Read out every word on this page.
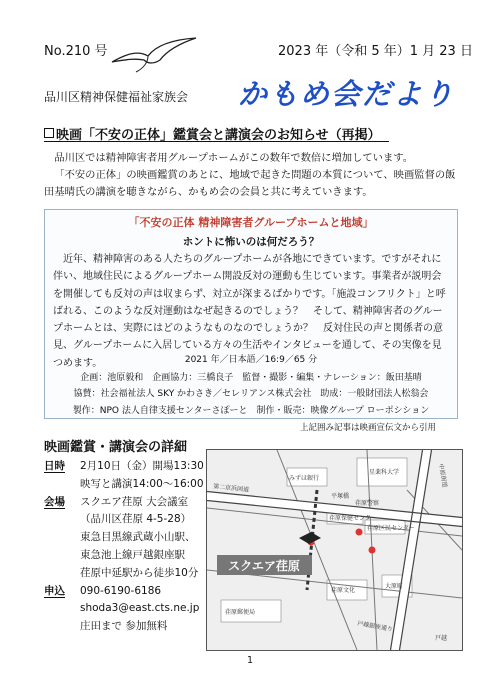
No.210 号	2023 年（令和 5 年）1 月 23 日
品川区精神保健福祉家族会 かもめ会だより
映画「不安の正体」鑑賞会と講演会のお知らせ（再掲）

品川区では精神障害者用グループホームがこの数年で数倍に増加しています。

「不安の正体」の映画鑑賞のあとに、地域で起きた問題の本質について、映画監督の飯田基晴氏の講演を聴きながら、かもめ会の会員と共に考えていきます。

「不安の正体 精神障害者グループホームと地域」
ホントに怖いのは何だろう？

近年、精神障害のある人たちのグループホームが各地にできています。ですがそれに伴い、地域住民によるグループホーム開設反対の運動も生じています。事業者が説明会を開催しても反対の声は収まらず、対立が深まるばかりです。「施設コンフリクト」と呼ばれる、このような反対運動はなぜ起きるのでしょう？　そして、精神障害者のグループホームとは、実際にはどのようなものなのでしょうか？　反対住民の声と関係者の意見、グループホームに入居している方々の生活やインタビューを通して、その実像を見つめます。	2021 年／日本語／16:9／65 分
企画：池原毅和　企画協力：三橋良子　監督・撮影・編集・ナレーション：飯田基晴
協賛：社会福祉法人 SKY かわさき／セレリアンス株式会社　助成：一般財団法人松翁会
製作：NPO 法人自律支援センターさぽーと　制作・販売：映像グループ ローポシション
上記囲み記事は映画宣伝文から引用
映画鑑賞・講演会の詳細
日時	2月10日（金）開場13:30
映写と講演14:00～16:00
会場	スクエア荏原 大会議室
（品川区荏原 4-5-28）
東急目黒線武蔵小山駅、
東急池上線戸越銀座駅
荏原中延駅から徒歩10分
申込	090-6190-6186
shoda3@east.cts.ne.jp
庄田まで 参加無料
スクエア荏原
星薬科大学
みずほ銀行
平塚橋
荏原警察
荏原保健センター
荏原区民センター
中原街道
第二京浜国道
荏原文化
大原町
戸越銀座通り
荏原郵便局
戸越
1
